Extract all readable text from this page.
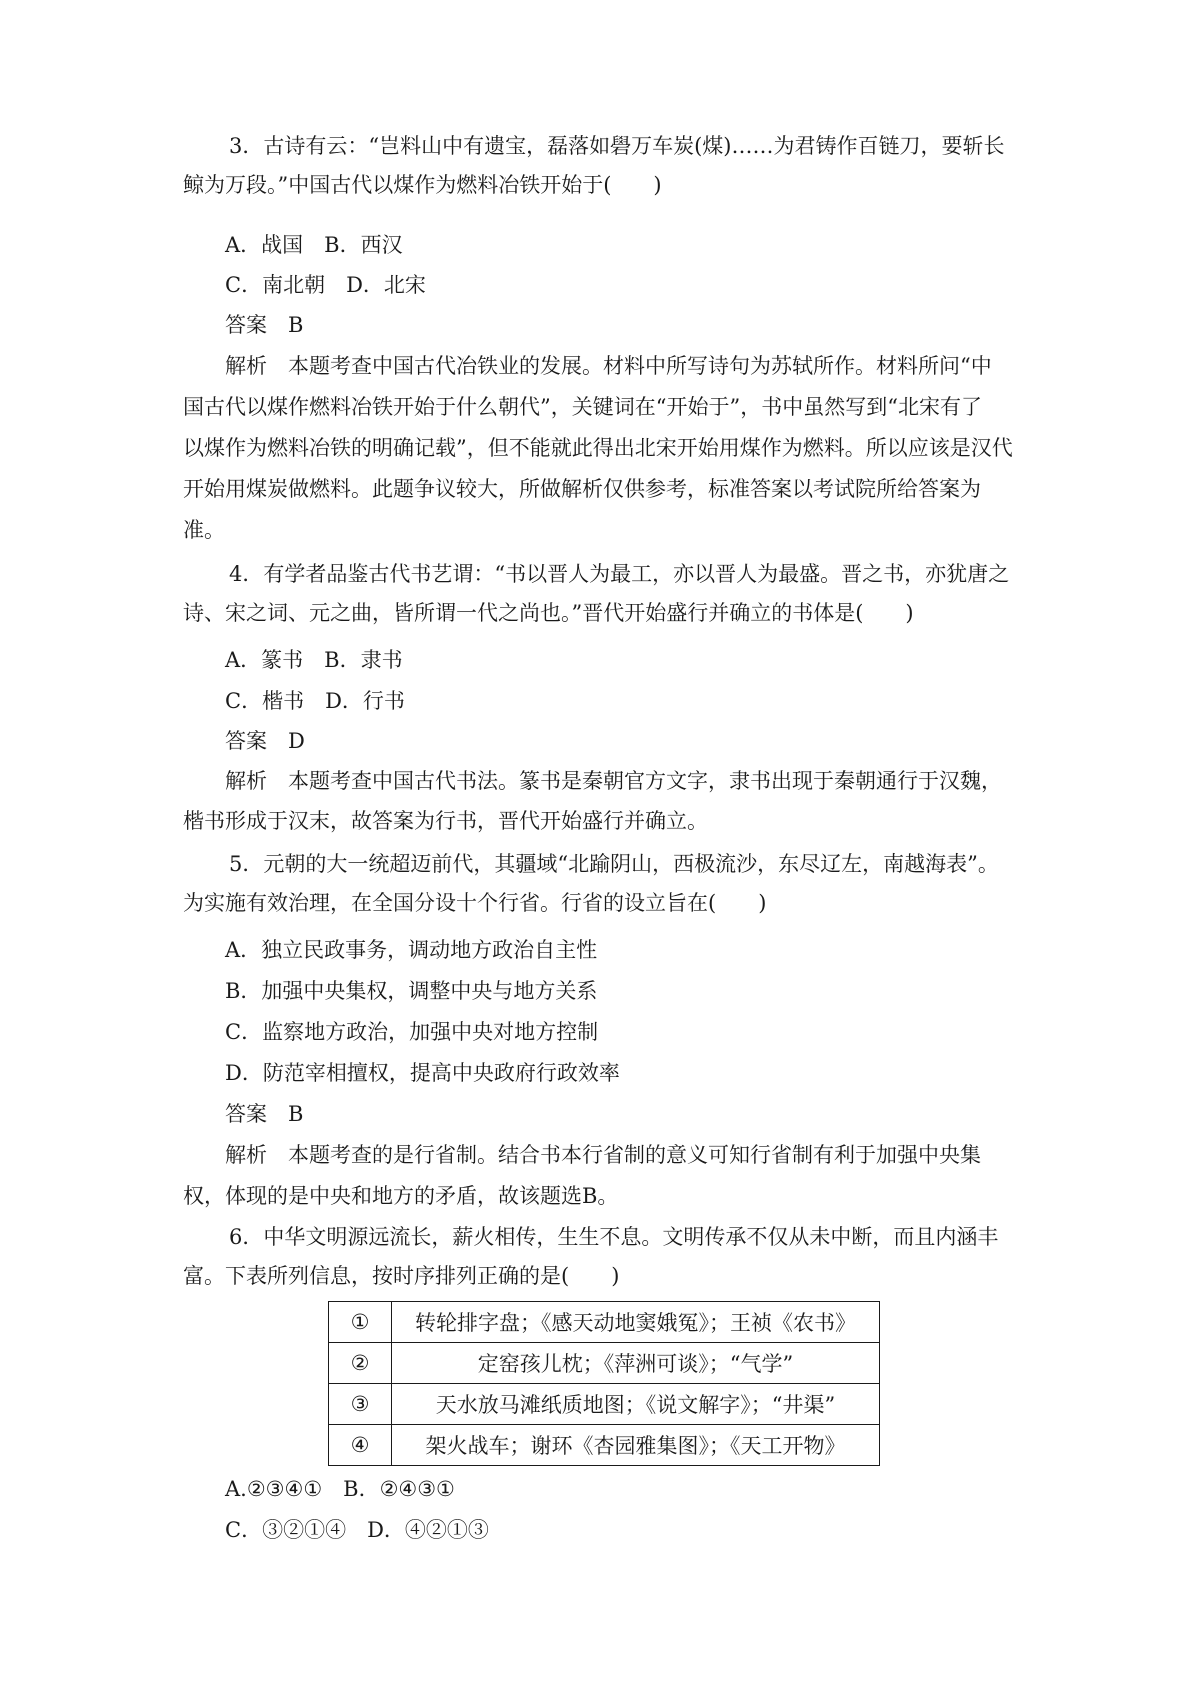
3．古诗有云：“岂料山中有遗宝，磊落如礐万车炭(煤)……为君铸作百链刀，要斩长
鲸为万段。”中国古代以煤作为燃料冶铁开始于(　　)
A．战国　B．西汉
C．南北朝　D．北宋
答案　B
解析　本题考查中国古代冶铁业的发展。材料中所写诗句为苏轼所作。材料所问“中
国古代以煤作燃料冶铁开始于什么朝代”，关键词在“开始于”，书中虽然写到“北宋有了
以煤作为燃料冶铁的明确记载”，但不能就此得出北宋开始用煤作为燃料。所以应该是汉代
开始用煤炭做燃料。此题争议较大，所做解析仅供参考，标准答案以考试院所给答案为
准。
4．有学者品鉴古代书艺谓：“书以晋人为最工，亦以晋人为最盛。晋之书，亦犹唐之
诗、宋之词、元之曲，皆所谓一代之尚也。”晋代开始盛行并确立的书体是(　　)
A．篆书　B．隶书
C．楷书　D．行书
答案　D
解析　本题考查中国古代书法。篆书是秦朝官方文字，隶书出现于秦朝通行于汉魏，
楷书形成于汉末，故答案为行书，晋代开始盛行并确立。
5．元朝的大一统超迈前代，其疆域“北踰阴山，西极流沙，东尽辽左，南越海表”。
为实施有效治理，在全国分设十个行省。行省的设立旨在(　　)
A．独立民政事务，调动地方政治自主性
B．加强中央集权，调整中央与地方关系
C．监察地方政治，加强中央对地方控制
D．防范宰相擅权，提高中央政府行政效率
答案　B
解析　本题考查的是行省制。结合书本行省制的意义可知行省制有利于加强中央集
权，体现的是中央和地方的矛盾，故该题选B。
6．中华文明源远流长，薪火相传，生生不息。文明传承不仅从未中断，而且内涵丰
富。下表所列信息，按时序排列正确的是(　　)
①	转轮排字盘；《感天动地窦娥冤》；王祯《农书》
②	定窑孩儿枕；《萍洲可谈》；“气学”
③	天水放马滩纸质地图；《说文解字》；“井渠”
④	架火战车；谢环《杏园雅集图》；《天工开物》
A.②③④①　B．②④③①
C．③②①④　D．④②①③
